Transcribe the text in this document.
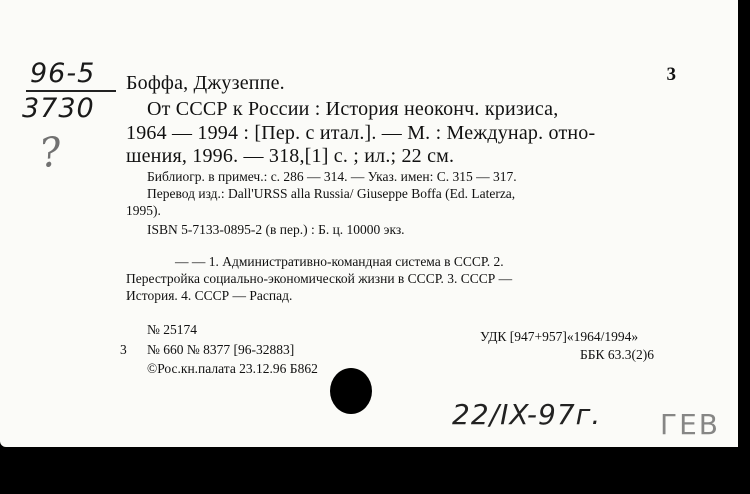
96-5
3730
?
3
Боффа, Джузеппе.
От СССР к России : История неоконч. кризиса,
1964 — 1994 : [Пер. с итал.]. — М. : Междунар. отно-
шения, 1996. — 318,[1] с. ; ил.; 22 см.
Библиогр. в примеч.: с. 286 — 314. — Указ. имен: С. 315 — 317.
Перевод изд.: Dall'URSS alla Russia/ Giuseppe Boffa (Ed. Laterza,
1995).
ISBN 5-7133-0895-2 (в пер.) : Б. ц. 10000 экз.
— — 1. Административно-командная система в СССР. 2.
Перестройка социально-экономической жизни в СССР. 3. СССР —
История. 4. СССР — Распад.
№ 25174
3 № 660 № 8377 [96-32883]
©Рос.кн.палата 23.12.96 Б862
УДК [947+957]«1964/1994»
ББК 63.3(2)6
22/IX-97г. ГЕВ
